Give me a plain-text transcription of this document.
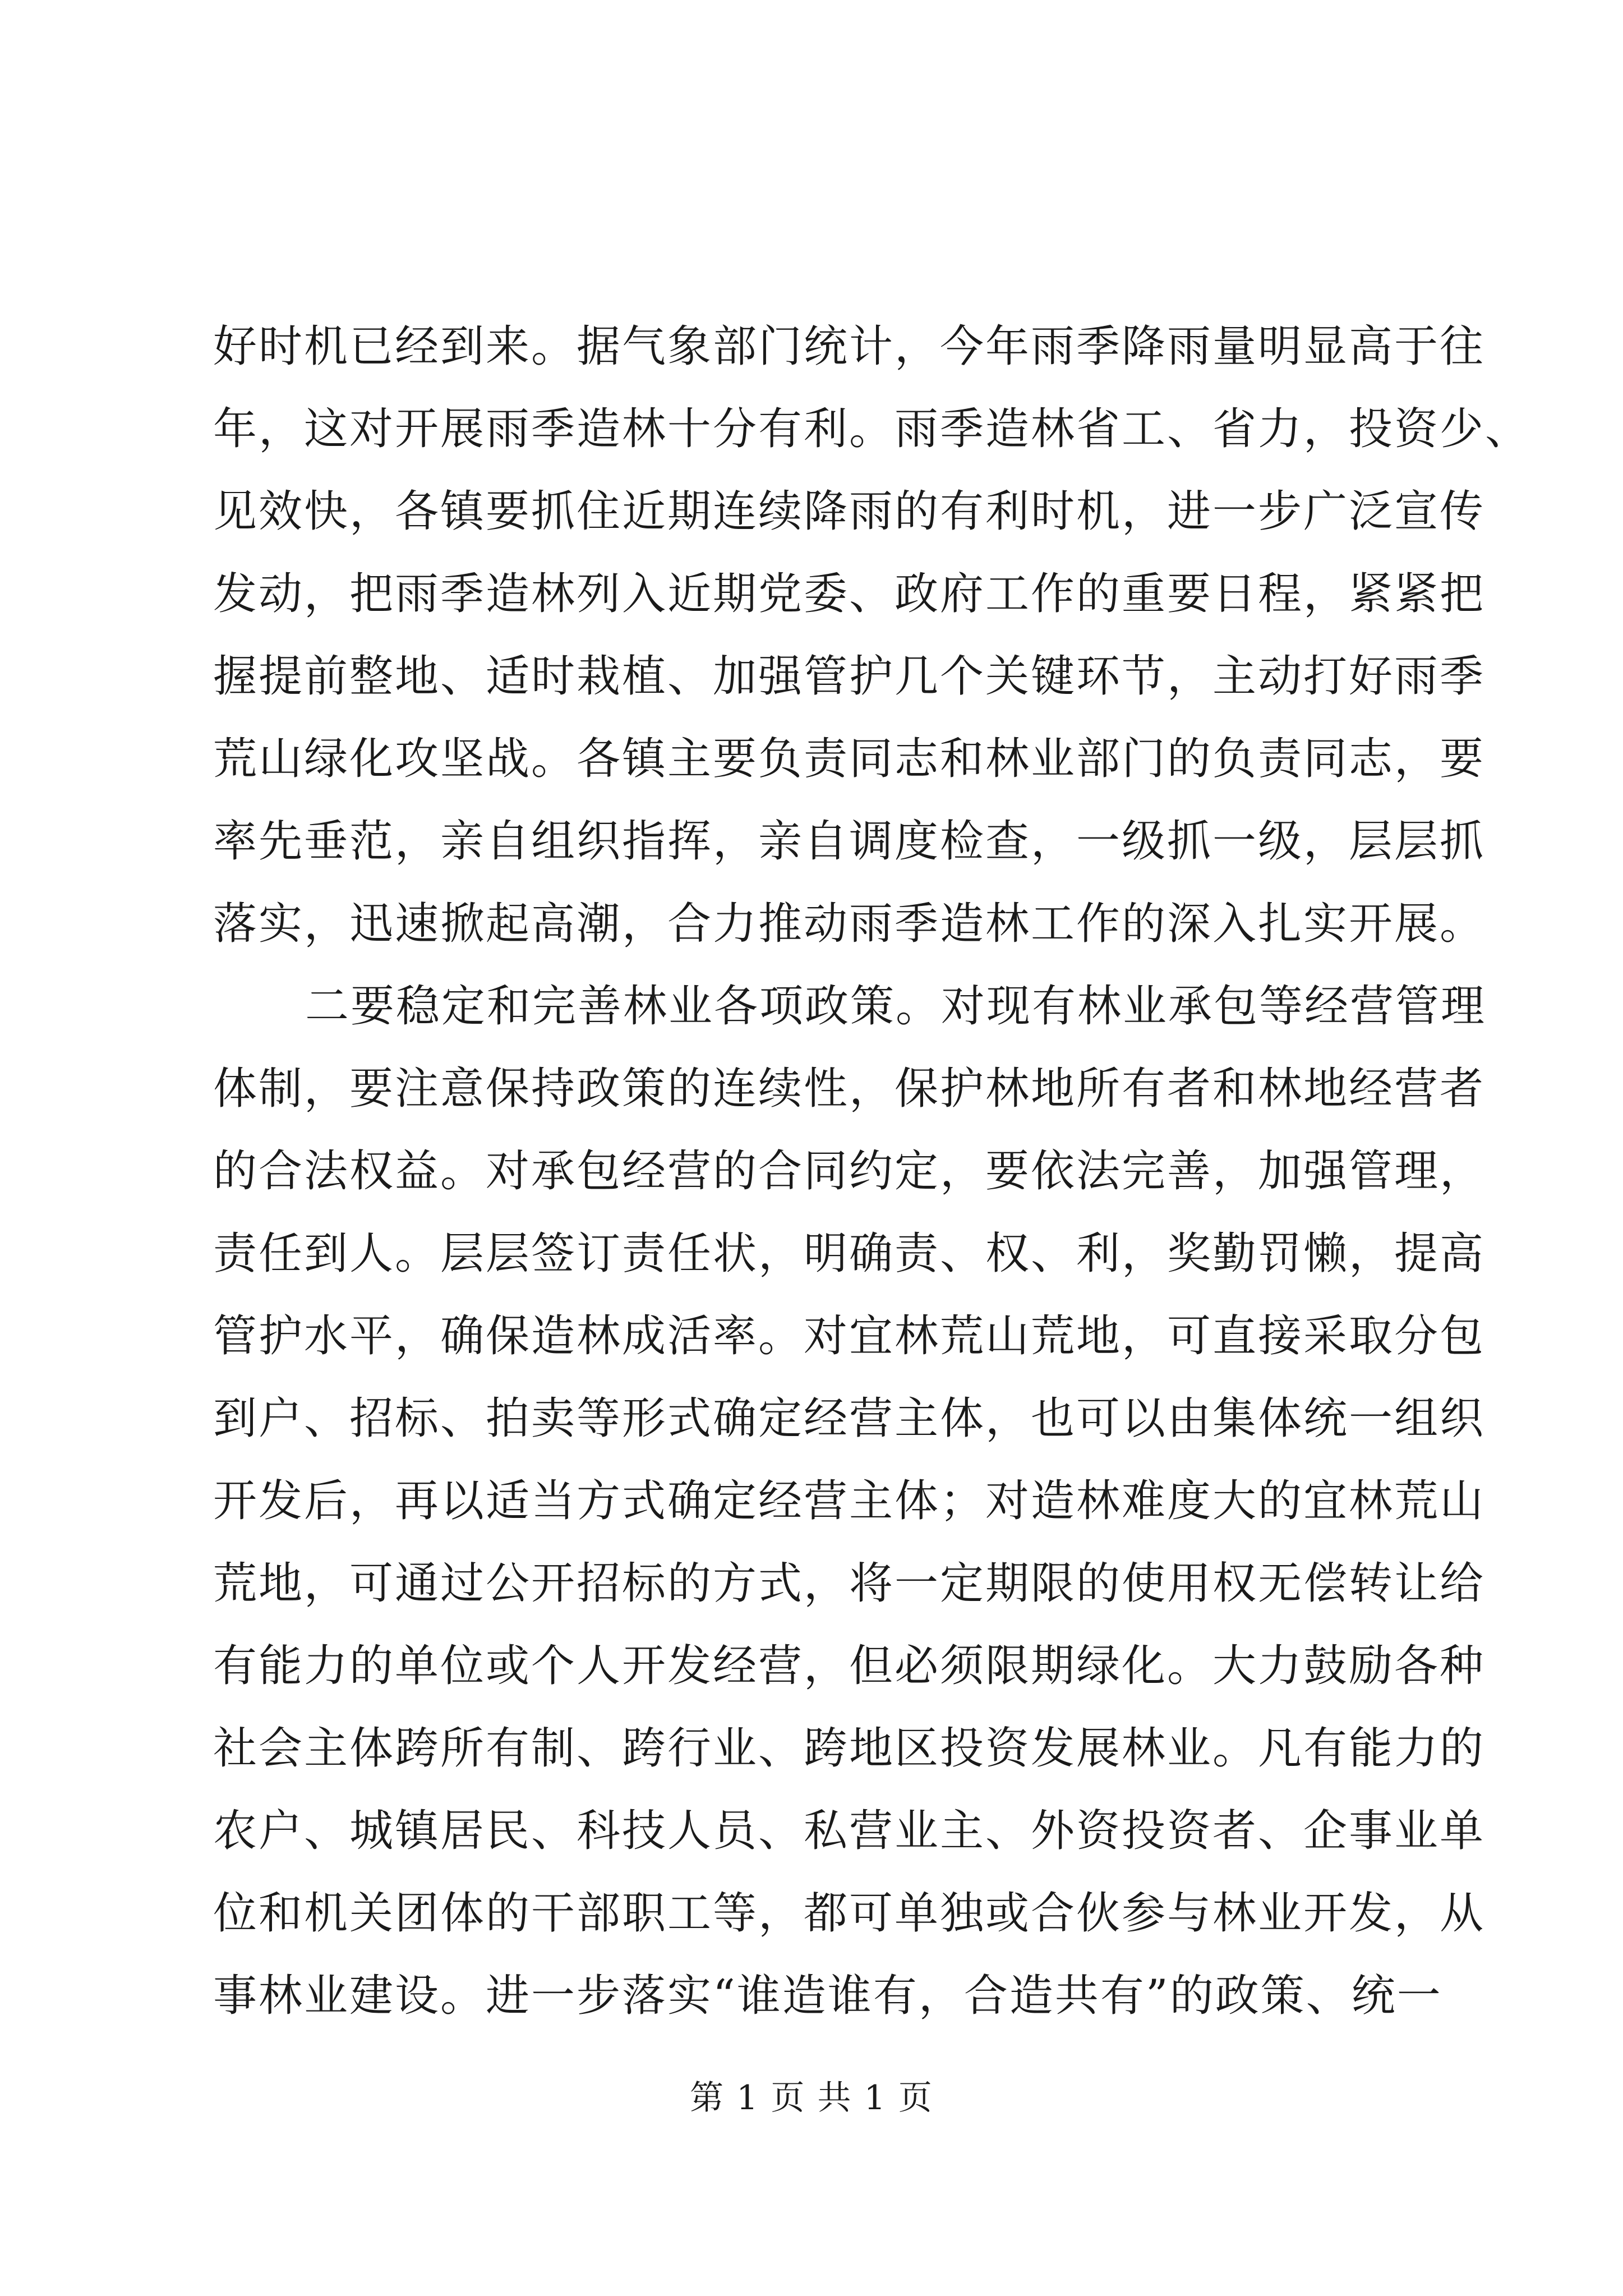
好时机已经到来。据气象部门统计，今年雨季降雨量明显高于往
年，这对开展雨季造林十分有利。雨季造林省工、省力，投资少、
见效快，各镇要抓住近期连续降雨的有利时机，进一步广泛宣传
发动，把雨季造林列入近期党委、政府工作的重要日程，紧紧把
握提前整地、适时栽植、加强管护几个关键环节，主动打好雨季
荒山绿化攻坚战。各镇主要负责同志和林业部门的负责同志，要
率先垂范，亲自组织指挥，亲自调度检查，一级抓一级，层层抓
落实，迅速掀起高潮，合力推动雨季造林工作的深入扎实开展。
二要稳定和完善林业各项政策。对现有林业承包等经营管理
体制，要注意保持政策的连续性，保护林地所有者和林地经营者
的合法权益。对承包经营的合同约定，要依法完善，加强管理，
责任到人。层层签订责任状，明确责、权、利，奖勤罚懒，提高
管护水平，确保造林成活率。对宜林荒山荒地，可直接采取分包
到户、招标、拍卖等形式确定经营主体，也可以由集体统一组织
开发后，再以适当方式确定经营主体；对造林难度大的宜林荒山
荒地，可通过公开招标的方式，将一定期限的使用权无偿转让给
有能力的单位或个人开发经营，但必须限期绿化。大力鼓励各种
社会主体跨所有制、跨行业、跨地区投资发展林业。凡有能力的
农户、城镇居民、科技人员、私营业主、外资投资者、企事业单
位和机关团体的干部职工等，都可单独或合伙参与林业开发，从
事林业建设。进一步落实“谁造谁有，合造共有”的政策、统一
第 1 页 共 1 页
